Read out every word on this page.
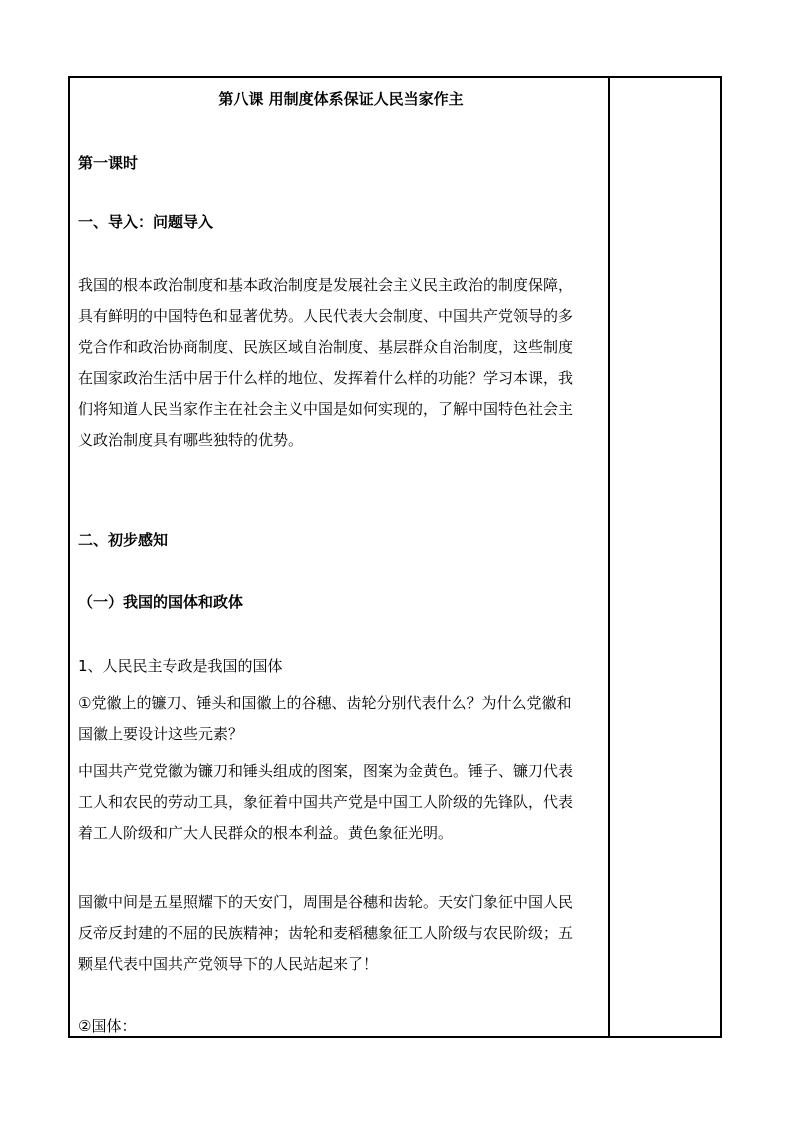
第八课 用制度体系保证人民当家作主
第一课时
一、导入：问题导入
我国的根本政治制度和基本政治制度是发展社会主义民主政治的制度保障，
具有鲜明的中国特色和显著优势。人民代表大会制度、中国共产党领导的多
党合作和政治协商制度、民族区域自治制度、基层群众自治制度，这些制度
在国家政治生活中居于什么样的地位、发挥着什么样的功能？学习本课，我
们将知道人民当家作主在社会主义中国是如何实现的，了解中国特色社会主
义政治制度具有哪些独特的优势。
二、初步感知
（一）我国的国体和政体
1、人民民主专政是我国的国体
①党徽上的镰刀、锤头和国徽上的谷穗、齿轮分别代表什么？为什么党徽和
国徽上要设计这些元素？
中国共产党党徽为镰刀和锤头组成的图案，图案为金黄色。锤子、镰刀代表
工人和农民的劳动工具，象征着中国共产党是中国工人阶级的先锋队，代表
着工人阶级和广大人民群众的根本利益。黄色象征光明。
国徽中间是五星照耀下的天安门，周围是谷穗和齿轮。天安门象征中国人民
反帝反封建的不屈的民族精神；齿轮和麦稻穗象征工人阶级与农民阶级；五
颗星代表中国共产党领导下的人民站起来了！
②国体：
